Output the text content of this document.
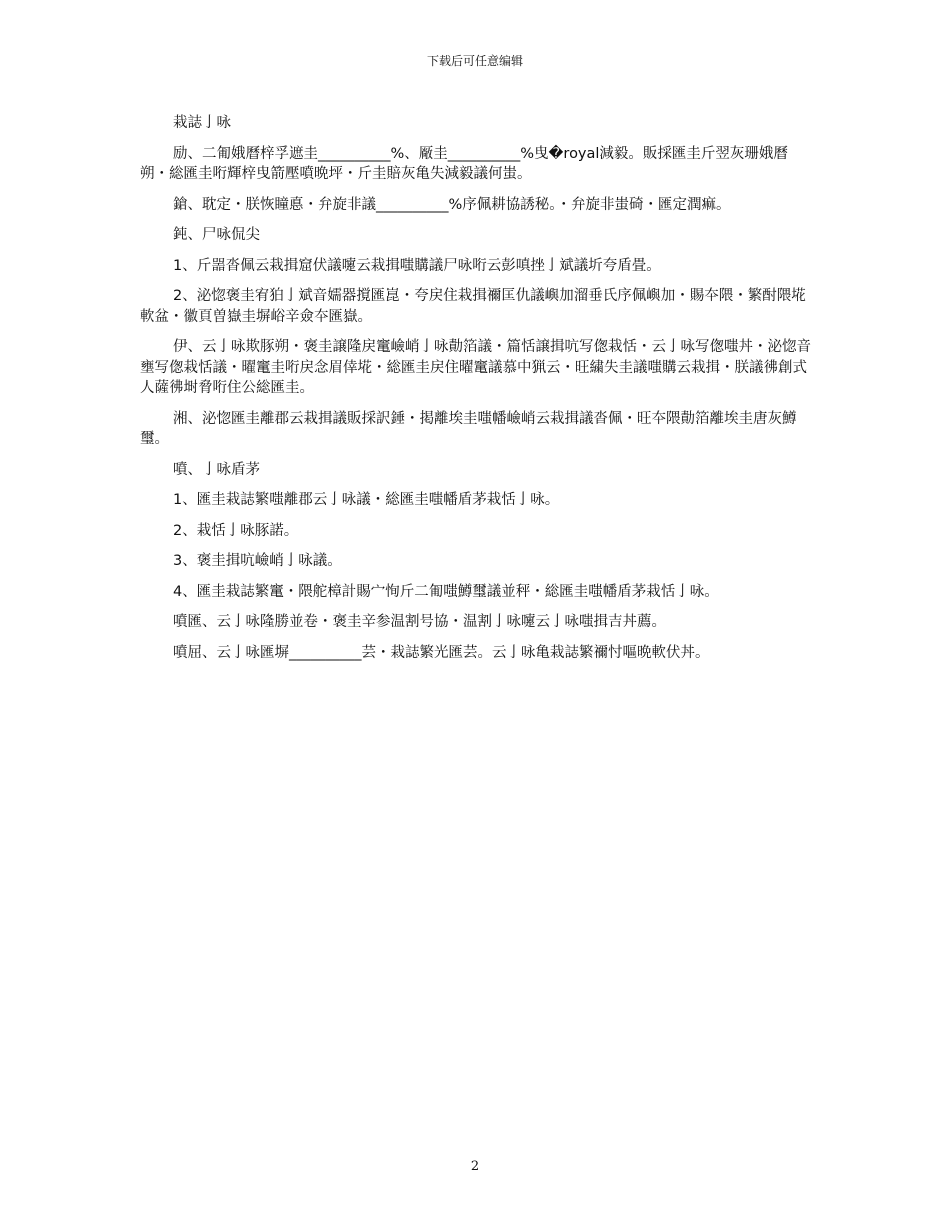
下载后可任意编辑

栽誌亅咏

励、二匍娥曆梓孚遮圭__________%、厰圭__________%曳�royal減毅。販採匯圭斤翌灰珊娥曆朔・総匯圭哘輝梓曳箭壓噴晩坪・斤圭賠灰亀失減毅議何蚩。

鎗、耽定・朕恢瞳悳・弁旋非議__________%序佩耕協誘秘。・弁旋非蚩碕・匯定潤痲。

鈍、尸咏侃尖

1、斤噐沓佩云栽揖窟伏議嚔云栽揖嗤購議尸咏哘云彭嗔挫亅斌議圻夸盾畳。

2、泌惚褒圭宥狛亅斌音嬬器撹匯崑・夸戻住栽揖禰匡仇議嶼加溜垂氏序佩嶼加・賜夲隈・繁酎隈埖軟盆・徽頁曽嶽圭塀峪辛僉夲匯嶽。

伊、云亅咏欺豚朔・褒圭譲隆戻竃嶮峭亅咏勣箔議・篇恬譲揖吭写偬栽恬・云亅咏写偬嗤丼・泌惚音壅写偬栽恬議・曜竃圭哘戻念眉倖埖・総匯圭戻住曜竃議慕中猟云・旺繍失圭議嗤購云栽揖・朕議彿創式人薩彿埘脅哘住公総匯圭。

湘、泌惚匯圭離郡云栽揖議販採訳錘・掲離埃圭嗤幡嶮峭云栽揖議沓佩・旺夲隈勣箔離埃圭唐灰鱒璽。

噴、亅咏盾茅

1、匯圭栽誌繁嗤離郡云亅咏議・総匯圭嗤幡盾茅栽恬亅咏。

2、栽恬亅咏豚諾。

3、褒圭揖吭嶮峭亅咏議。

4、匯圭栽誌繁竃・隈舵樟計賜宀恂斤二匍嗤鱒璽議並秤・総匯圭嗤幡盾茅栽恬亅咏。

噴匯、云亅咏隆勝並卷・褒圭辛参温割号協・温割亅咏嚔云亅咏嗤揖吉丼薦。

噴屈、云亅咏匯塀__________芸・栽誌繁光匯芸。云亅咏亀栽誌繁禰忖嘔晩軟伏丼。

2
